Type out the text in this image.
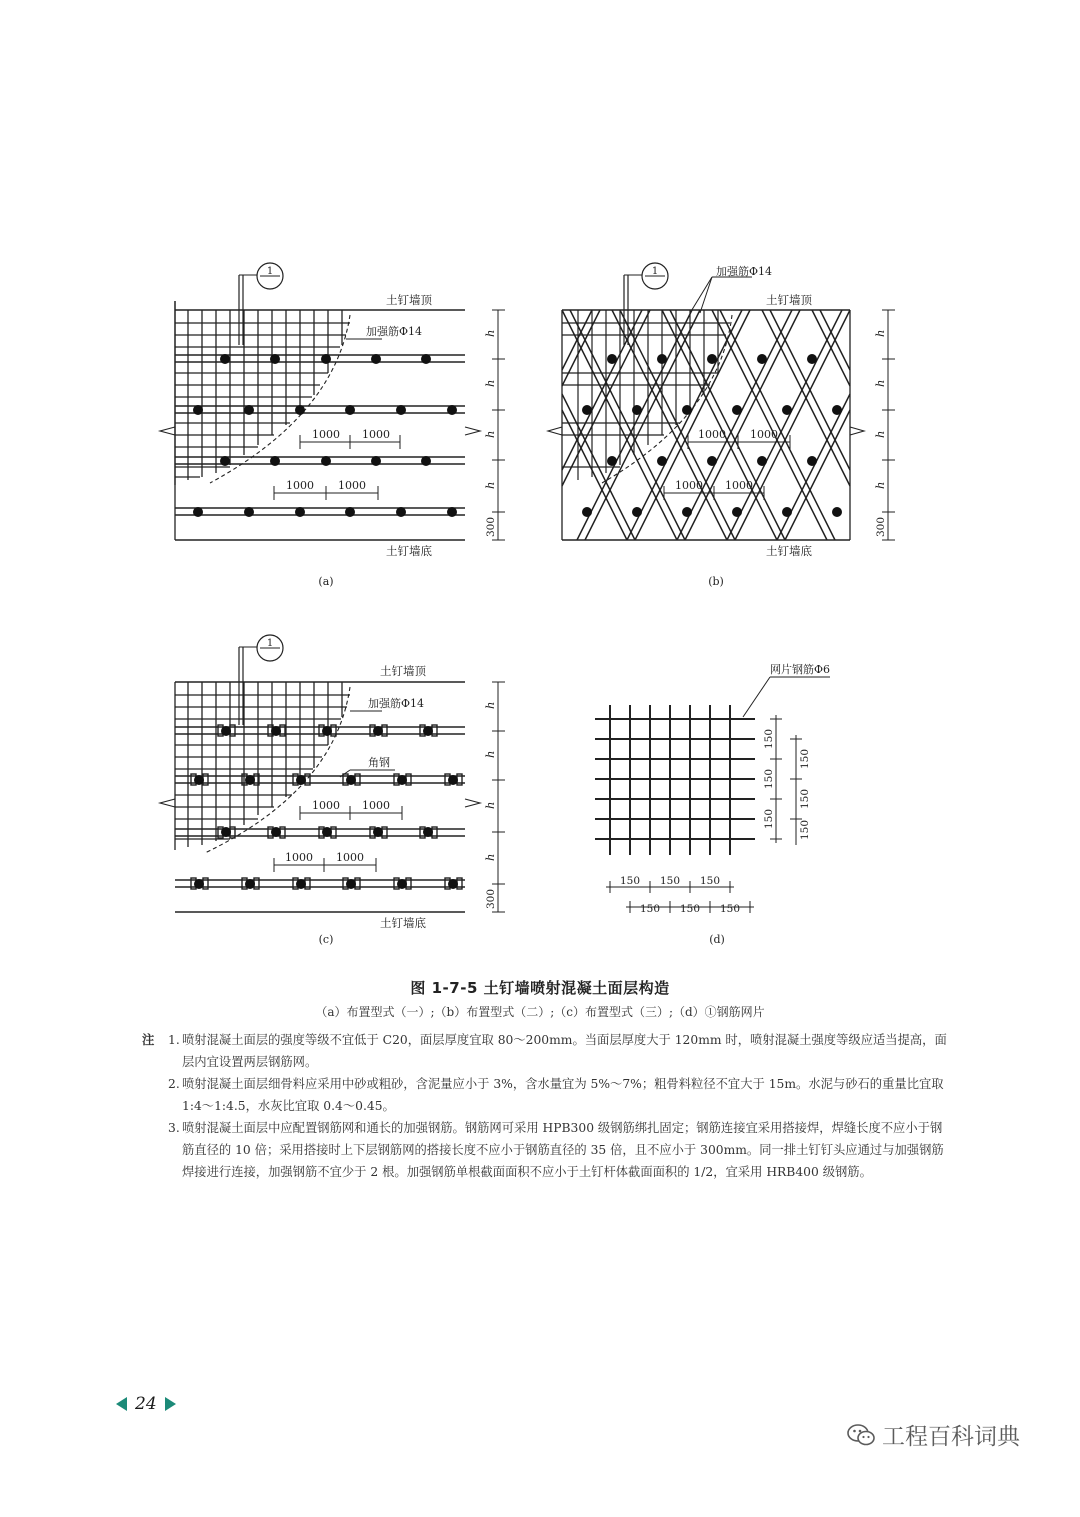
1
土钉墙顶
加强筋Φ14
土钉墙底
1000 1000
1000 1000
h
h
h
h
300
(a)
1	加强筋Φ14
土钉墙顶
土钉墙底
1000 1000
1000 1000
h
h
h
h
300
(b)
1
土钉墙顶
加强筋Φ14
角钢
土钉墙底
1000 1000
1000 1000
h
h
h
h
300
(c)
网片钢筋Φ6
150
150
150
150
150
150
150 150 150
150 150 150
(d)
图 1-7-5 土钉墙喷射混凝土面层构造
（a）布置型式（一）;（b）布置型式（二）;（c）布置型式（三）;（d）①钢筋网片
注 1. 喷射混凝土面层的强度等级不宜低于 C20，面层厚度宜取 80～200mm。当面层厚度大于 120mm 时，喷射混凝土强度等级应适当提高，面层内宜设置两层钢筋网。
2. 喷射混凝土面层细骨料应采用中砂或粗砂，含泥量应小于 3%，含水量宜为 5%～7%；粗骨料粒径不宜大于 15m。水泥与砂石的重量比宜取 1:4～1:4.5，水灰比宜取 0.4～0.45。
3. 喷射混凝土面层中应配置钢筋网和通长的加强钢筋。钢筋网可采用 HPB300 级钢筋绑扎固定；钢筋连接宜采用搭接焊，焊缝长度不应小于钢筋直径的 10 倍；采用搭接时上下层钢筋网的搭接长度不应小于钢筋直径的 35 倍，且不应小于 300mm。同一排土钉钉头应通过与加强钢筋焊接进行连接，加强钢筋不宜少于 2 根。加强钢筋单根截面面积不应小于土钉杆体截面面积的 1/2，宜采用 HRB400 级钢筋。
24
工程百科词典
